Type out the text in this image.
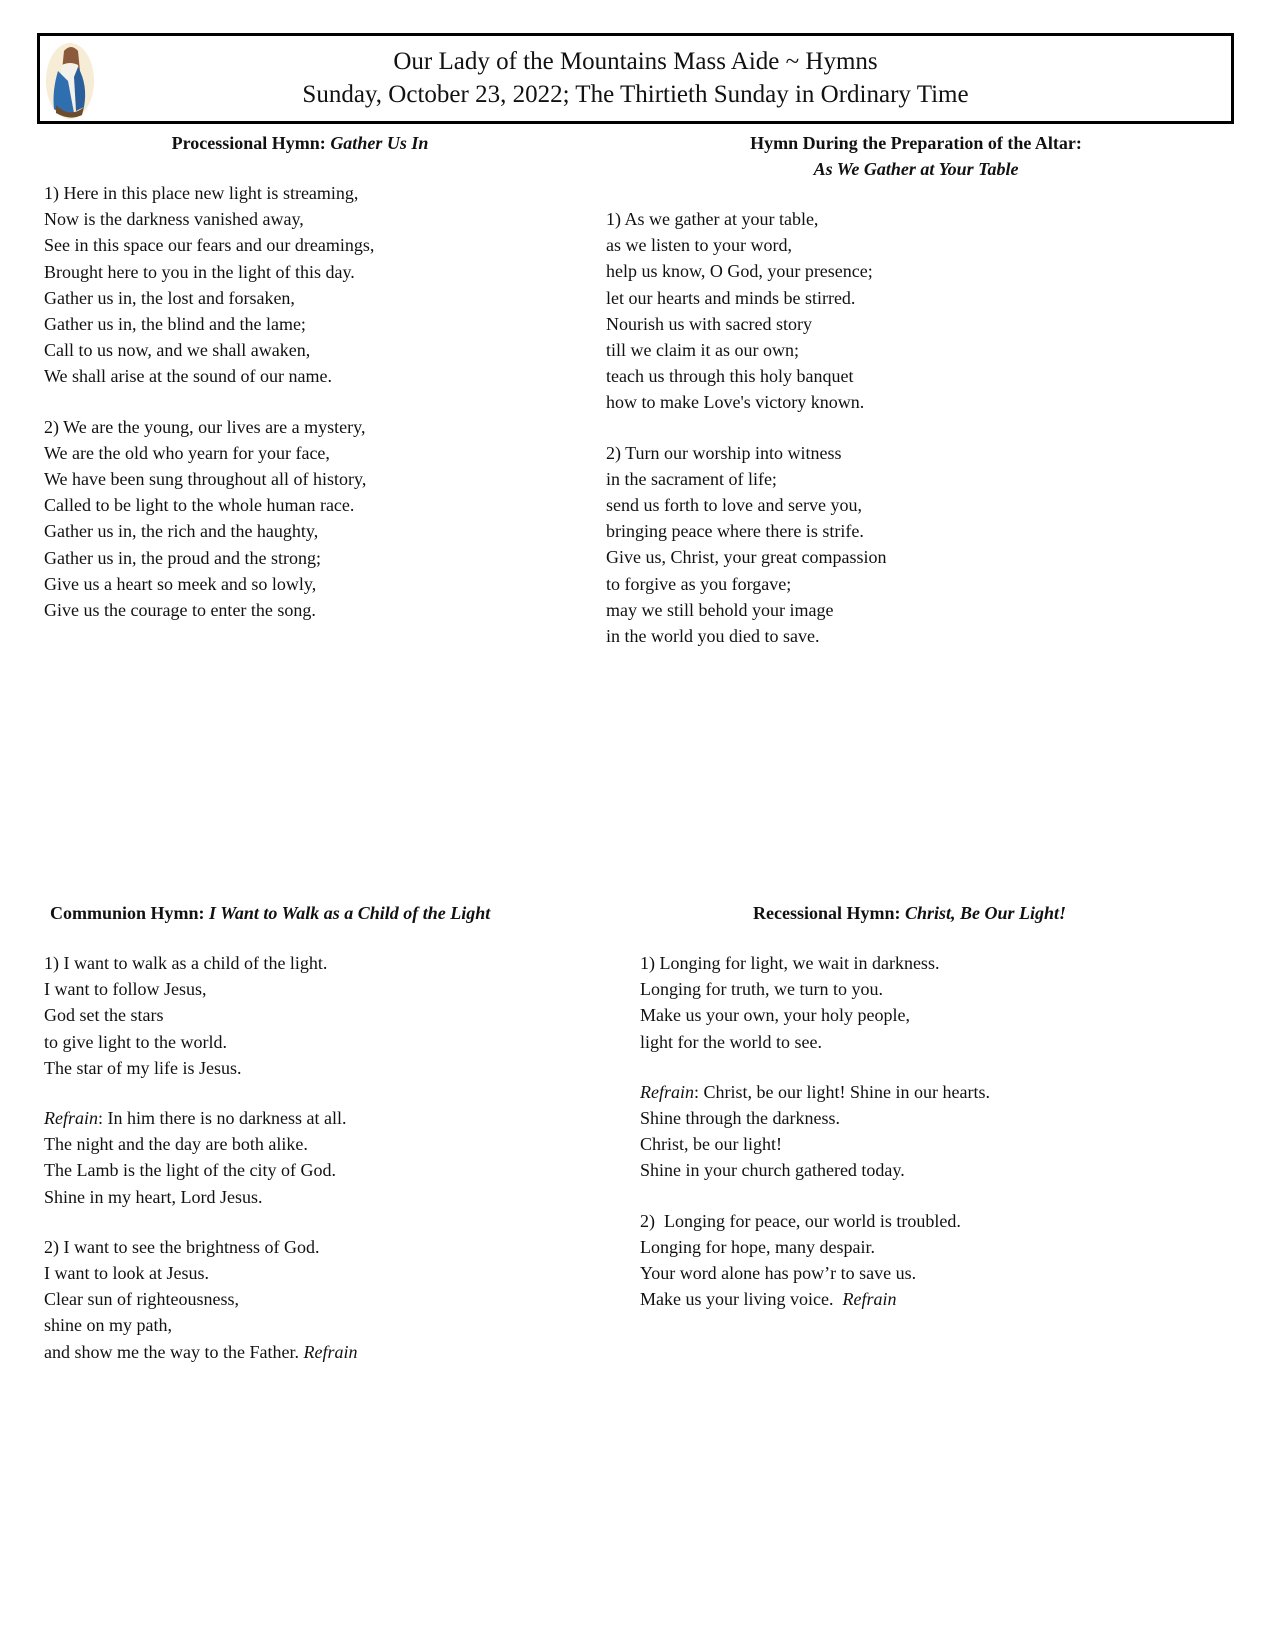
Our Lady of the Mountains Mass Aide ~ Hymns
Sunday, October 23, 2022; The Thirtieth Sunday in Ordinary Time
Processional Hymn: Gather Us In
1) Here in this place new light is streaming,
Now is the darkness vanished away,
See in this space our fears and our dreamings,
Brought here to you in the light of this day.
Gather us in, the lost and forsaken,
Gather us in, the blind and the lame;
Call to us now, and we shall awaken,
We shall arise at the sound of our name.
2) We are the young, our lives are a mystery,
We are the old who yearn for your face,
We have been sung throughout all of history,
Called to be light to the whole human race.
Gather us in, the rich and the haughty,
Gather us in, the proud and the strong;
Give us a heart so meek and so lowly,
Give us the courage to enter the song.
Hymn During the Preparation of the Altar:
As We Gather at Your Table
1) As we gather at your table,
as we listen to your word,
help us know, O God, your presence;
let our hearts and minds be stirred.
Nourish us with sacred story
till we claim it as our own;
teach us through this holy banquet
how to make Love's victory known.
2) Turn our worship into witness
in the sacrament of life;
send us forth to love and serve you,
bringing peace where there is strife.
Give us, Christ, your great compassion
to forgive as you forgave;
may we still behold your image
in the world you died to save.
Communion Hymn: I Want to Walk as a Child of the Light
1) I want to walk as a child of the light.
I want to follow Jesus,
God set the stars
to give light to the world.
The star of my life is Jesus.
Refrain: In him there is no darkness at all.
The night and the day are both alike.
The Lamb is the light of the city of God.
Shine in my heart, Lord Jesus.
2) I want to see the brightness of God.
I want to look at Jesus.
Clear sun of righteousness,
shine on my path,
and show me the way to the Father. Refrain
Recessional Hymn: Christ, Be Our Light!
1) Longing for light, we wait in darkness.
Longing for truth, we turn to you.
Make us your own, your holy people,
light for the world to see.
Refrain: Christ, be our light! Shine in our hearts.
Shine through the darkness.
Christ, be our light!
Shine in your church gathered today.
2)  Longing for peace, our world is troubled.
Longing for hope, many despair.
Your word alone has pow’r to save us.
Make us your living voice.  Refrain
